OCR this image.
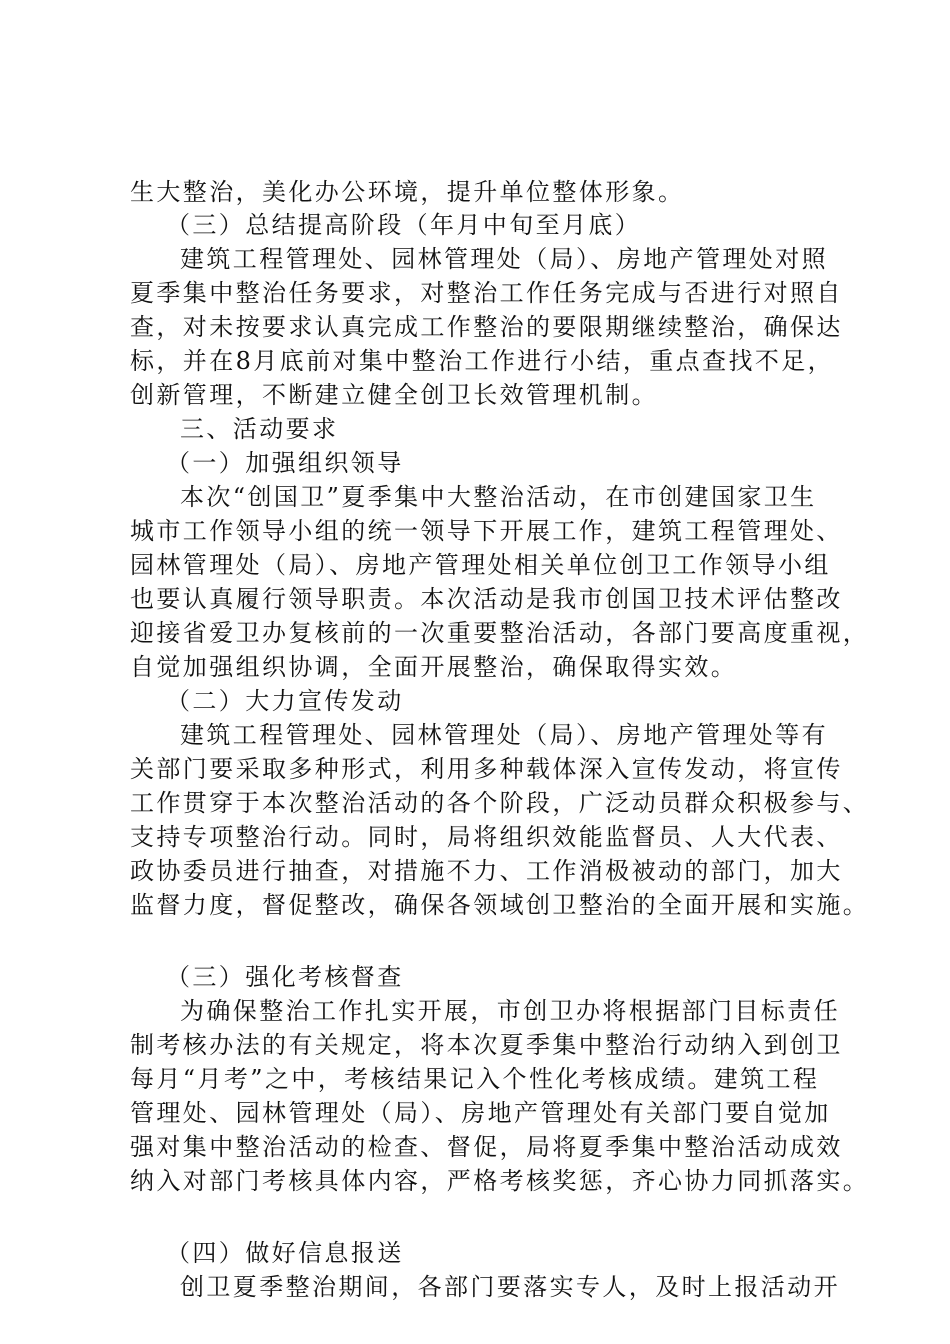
生大整治，美化办公环境，提升单位整体形象。
（三）总结提高阶段（年月中旬至月底）
建筑工程管理处、园林管理处（局）、房地产管理处对照
夏季集中整治任务要求，对整治工作任务完成与否进行对照自
查，对未按要求认真完成工作整治的要限期继续整治，确保达
标，并在8月底前对集中整治工作进行小结，重点查找不足，
创新管理，不断建立健全创卫长效管理机制。
三、活动要求
（一）加强组织领导
本次“创国卫”夏季集中大整治活动，在市创建国家卫生
城市工作领导小组的统一领导下开展工作，建筑工程管理处、
园林管理处（局）、房地产管理处相关单位创卫工作领导小组
也要认真履行领导职责。本次活动是我市创国卫技术评估整改
迎接省爱卫办复核前的一次重要整治活动，各部门要高度重视，
自觉加强组织协调，全面开展整治，确保取得实效。
（二）大力宣传发动
建筑工程管理处、园林管理处（局）、房地产管理处等有
关部门要采取多种形式，利用多种载体深入宣传发动，将宣传
工作贯穿于本次整治活动的各个阶段，广泛动员群众积极参与、
支持专项整治行动。同时，局将组织效能监督员、人大代表、
政协委员进行抽查，对措施不力、工作消极被动的部门，加大
监督力度，督促整改，确保各领域创卫整治的全面开展和实施。
（三）强化考核督查
为确保整治工作扎实开展，市创卫办将根据部门目标责任
制考核办法的有关规定，将本次夏季集中整治行动纳入到创卫
每月“月考”之中，考核结果记入个性化考核成绩。建筑工程
管理处、园林管理处（局）、房地产管理处有关部门要自觉加
强对集中整治活动的检查、督促，局将夏季集中整治活动成效
纳入对部门考核具体内容，严格考核奖惩，齐心协力同抓落实。
（四）做好信息报送
创卫夏季整治期间，各部门要落实专人，及时上报活动开
